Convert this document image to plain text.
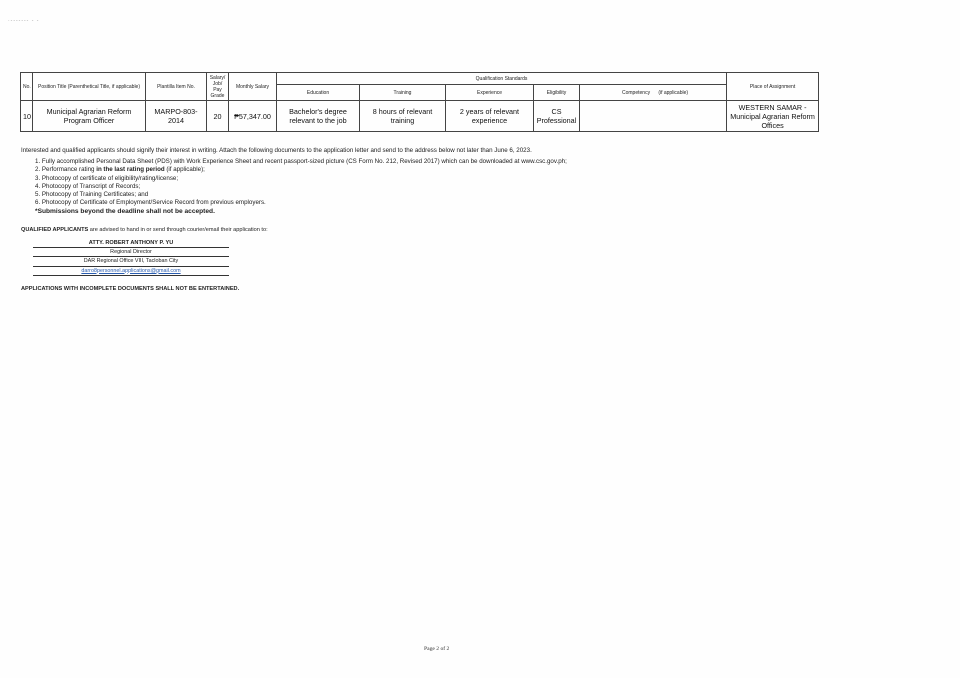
·‑‑‑‑‑‑‑ ‑ ‑
No.	Position Title (Parenthetical Title, if applicable)	Plantilla Item No.	Salary/ Job/ Pay Grade	Monthly Salary	Qualification Standards					Place of Assignment
					Education	Training	Experience	Eligibility	Competency (if applicable)	

10	Municipal Agrarian Reform Program Officer	MARPO-803-2014	20	₱57,347.00	Bachelor's degree relevant to the job	8 hours of relevant training	2 years of relevant experience	CS Professional		WESTERN SAMAR - Municipal Agrarian Reform Offices

Interested and qualified applicants should signify their interest in writing. Attach the following documents to the application letter and send to the address below not later than June 6, 2023.

1. Fully accomplished Personal Data Sheet (PDS) with Work Experience Sheet and recent passport-sized picture (CS Form No. 212, Revised 2017) which can be downloaded at www.csc.gov.ph;
2. Performance rating in the last rating period (if applicable);
3. Photocopy of certificate of eligibility/rating/license;
4. Photocopy of Transcript of Records;
5. Photocopy of Training Certificates; and
6. Photocopy of Certificate of Employment/Service Record from previous employers.
*Submissions beyond the deadline shall not be accepted.
QUALIFIED APPLICANTS are advised to hand in or send through courier/email their application to:
ATTY. ROBERT ANTHONY P. YU
Regional Director
DAR Regional Office VIII, Tacloban City
darro8personnel.applications@gmail.com
APPLICATIONS WITH INCOMPLETE DOCUMENTS SHALL NOT BE ENTERTAINED.
Page 2 of 2
